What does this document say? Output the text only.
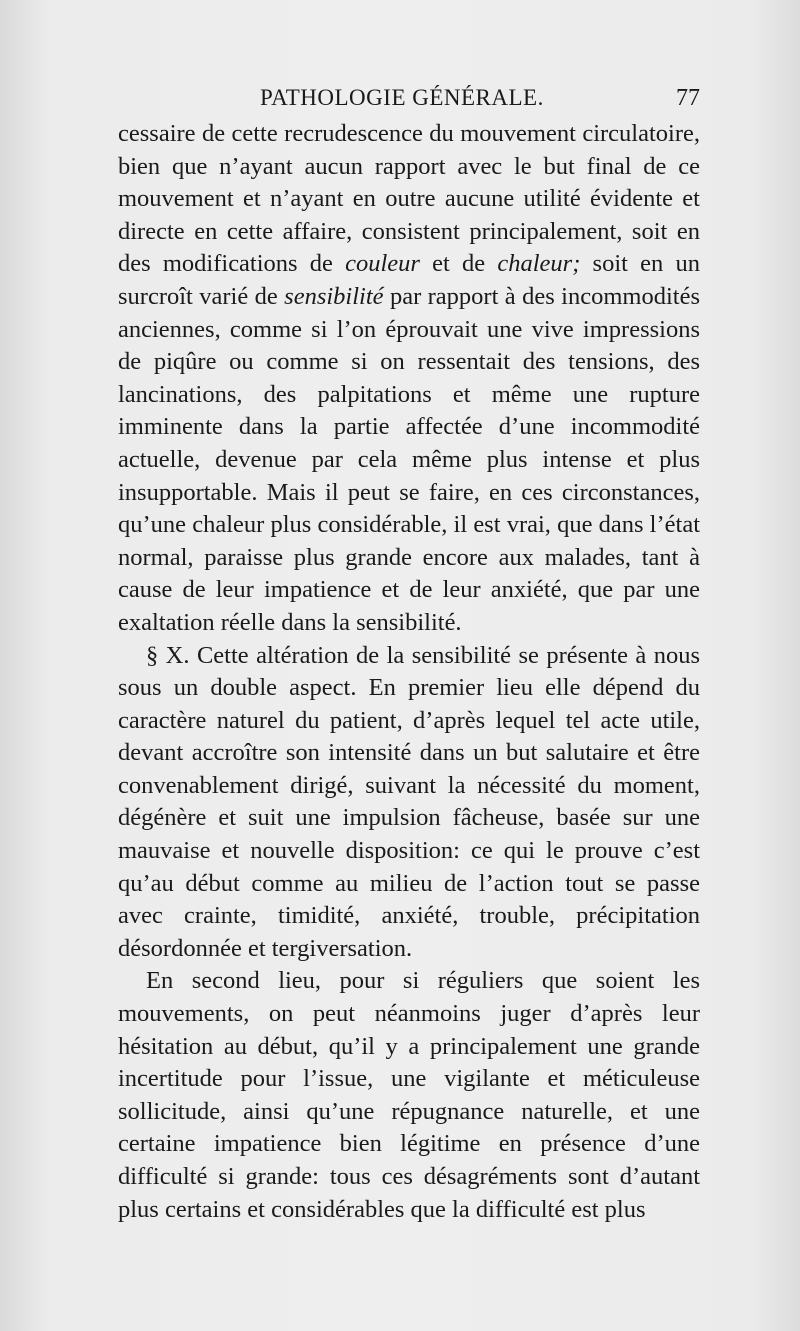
PATHOLOGIE GÉNÉRALE.	77

cessaire de cette recrudescence du mouvement circulatoire, bien que n’ayant aucun rapport avec le but final de ce mouvement et n’ayant en outre aucune utilité évidente et directe en cette affaire, consistent principalement, soit en des modifications de couleur et de chaleur; soit en un surcroît varié de sensibilité par rapport à des incommodités anciennes, comme si l’on éprouvait une vive impressions de piqûre ou comme si on ressentait des tensions, des lancinations, des palpitations et même une rupture imminente dans la partie affectée d’une incommodité actuelle, devenue par cela même plus intense et plus insupportable. Mais il peut se faire, en ces circonstances, qu’une chaleur plus considérable, il est vrai, que dans l’état normal, paraisse plus grande encore aux malades, tant à cause de leur impatience et de leur anxiété, que par une exaltation réelle dans la sensibilité.

§ X. Cette altération de la sensibilité se présente à nous sous un double aspect. En premier lieu elle dépend du caractère naturel du patient, d’après lequel tel acte utile, devant accroître son intensité dans un but salutaire et être convenablement dirigé, suivant la nécessité du moment, dégénère et suit une impulsion fâcheuse, basée sur une mauvaise et nouvelle disposition: ce qui le prouve c’est qu’au début comme au milieu de l’action tout se passe avec crainte, timidité, anxiété, trouble, précipitation désordonnée et tergiversation.

En second lieu, pour si réguliers que soient les mouvements, on peut néanmoins juger d’après leur hésitation au début, qu’il y a principalement une grande incertitude pour l’issue, une vigilante et méticuleuse sollicitude, ainsi qu’une répugnance naturelle, et une certaine impatience bien légitime en présence d’une difficulté si grande: tous ces désagréments sont d’autant plus certains et considérables que la difficulté est plus
